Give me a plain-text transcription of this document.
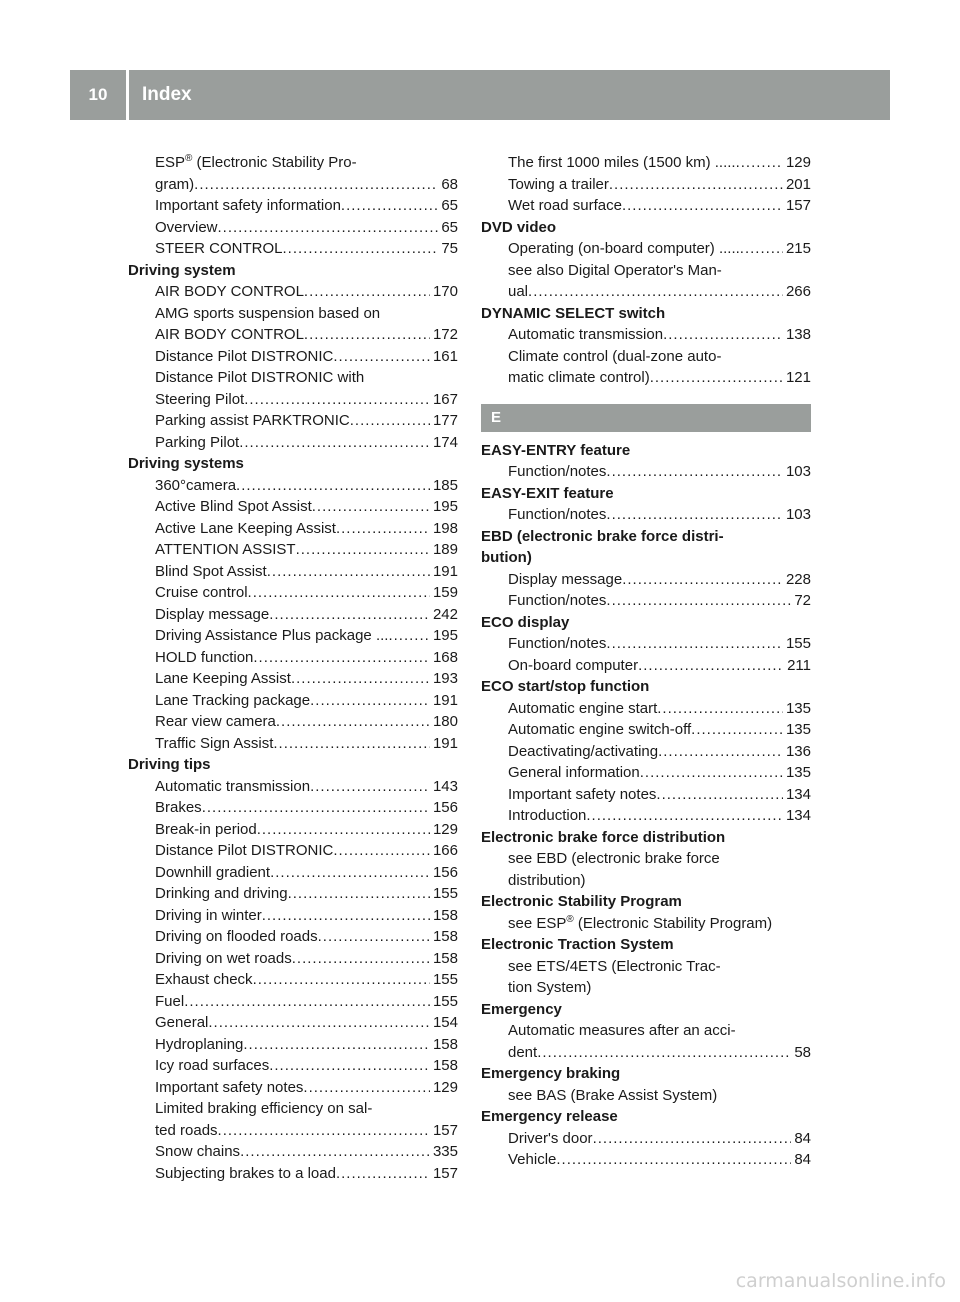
10	Index
ESP® (Electronic Stability Pro-
gram) .....	68
Important safety information .....	65
Overview .....	65
STEER CONTROL .....	75
Driving system
AIR BODY CONTROL .....	170
AMG sports suspension based on
AIR BODY CONTROL .....	172
Distance Pilot DISTRONIC .....	161
Distance Pilot DISTRONIC with
Steering Pilot .....	167
Parking assist PARKTRONIC .....	177
Parking Pilot .....	174
Driving systems
360°camera .....	185
Active Blind Spot Assist .....	195
Active Lane Keeping Assist .....	198
ATTENTION ASSIST .....	189
Blind Spot Assist .....	191
Cruise control .....	159
Display message .....	242
Driving Assistance Plus package ... .....	195
HOLD function .....	168
Lane Keeping Assist .....	193
Lane Tracking package .....	191
Rear view camera .....	180
Traffic Sign Assist .....	191
Driving tips
Automatic transmission .....	143
Brakes .....	156
Break-in period .....	129
Distance Pilot DISTRONIC .....	166
Downhill gradient .....	156
Drinking and driving .....	155
Driving in winter .....	158
Driving on flooded roads .....	158
Driving on wet roads .....	158
Exhaust check .....	155
Fuel .....	155
General .....	154
Hydroplaning .....	158
Icy road surfaces .....	158
Important safety notes .....	129
Limited braking efficiency on sal-
ted roads .....	157
Snow chains .....	335
Subjecting brakes to a load .....	157
The first 1000 miles (1500 km) ..... .....	129
Towing a trailer .....	201
Wet road surface .....	157
DVD video
Operating (on-board computer) ..... .....	215
see also Digital Operator's Man-
ual .....	266
DYNAMIC SELECT switch
Automatic transmission .....	138
Climate control (dual-zone auto-
matic climate control) .....	121
E
EASY-ENTRY feature
Function/notes .....	103
EASY-EXIT feature
Function/notes .....	103
EBD (electronic brake force distri-
bution)
Display message .....	228
Function/notes .....	72
ECO display
Function/notes .....	155
On-board computer .....	211
ECO start/stop function
Automatic engine start .....	135
Automatic engine switch-off .....	135
Deactivating/activating .....	136
General information .....	135
Important safety notes .....	134
Introduction .....	134
Electronic brake force distribution
see EBD (electronic brake force
distribution)
Electronic Stability Program
see ESP® (Electronic Stability Program)
Electronic Traction System
see ETS/4ETS (Electronic Trac-
tion System)
Emergency
Automatic measures after an acci-
dent .....	58
Emergency braking
see BAS (Brake Assist System)
Emergency release
Driver's door .....	84
Vehicle .....	84
carmanualsonline.info
